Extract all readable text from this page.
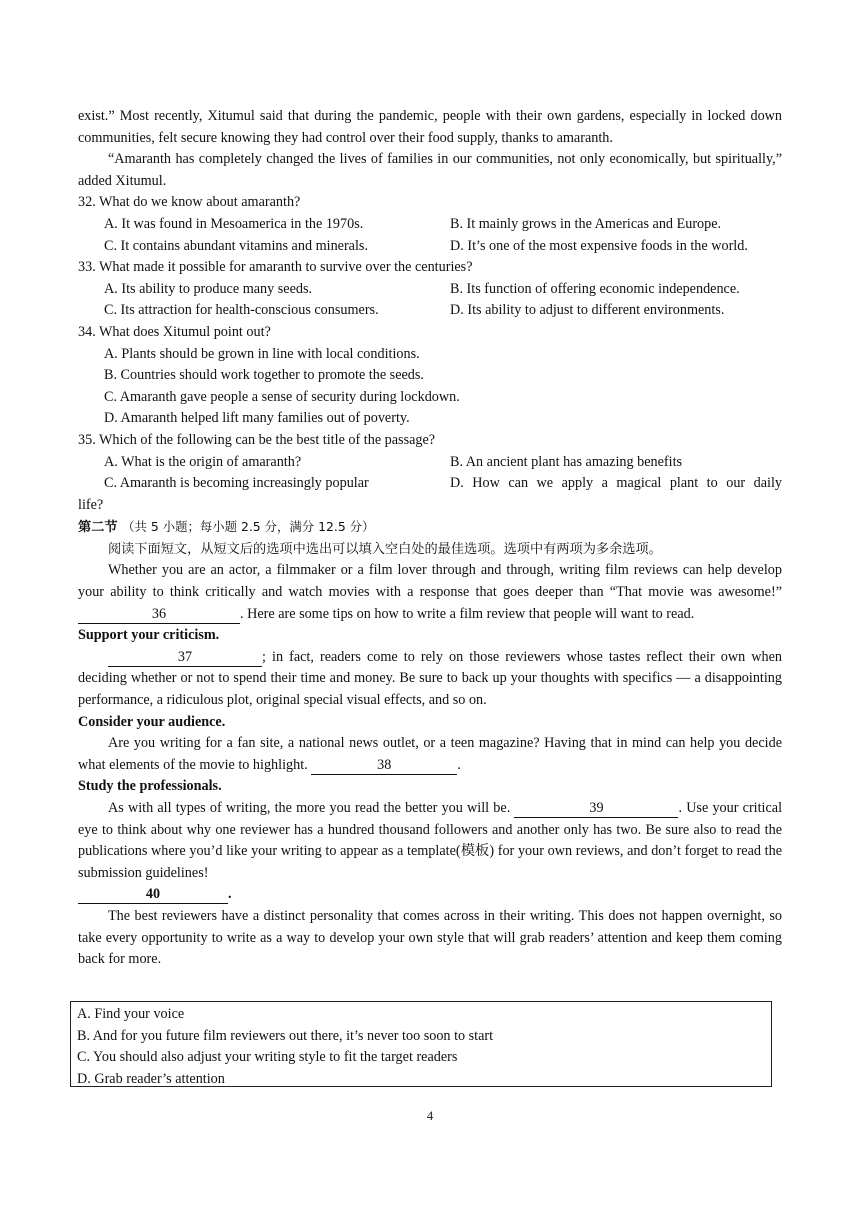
exist.” Most recently, Xitumul said that during the pandemic, people with their own gardens, especially in locked down communities, felt secure knowing they had control over their food supply, thanks to amaranth.

“Amaranth has completely changed the lives of families in our communities, not only economically, but spiritually,” added Xitumul.

32. What do we know about amaranth?

A. It was found in Mesoamerica in the 1970s.	B. It mainly grows in the Americas and Europe.
C. It contains abundant vitamins and minerals.	D. It’s one of the most expensive foods in the world.

33. What made it possible for amaranth to survive over the centuries?

A. Its ability to produce many seeds.	B. Its function of offering economic independence.
C. Its attraction for health-conscious consumers.	D. Its ability to adjust to different environments.

34. What does Xitumul point out?

A. Plants should be grown in line with local conditions.

B. Countries should work together to promote the seeds.

C. Amaranth gave people a sense of security during lockdown.

D. Amaranth helped lift many families out of poverty.

35. Which of the following can be the best title of the passage?

A. What is the origin of amaranth?	B. An ancient plant has amazing benefits
C. Amaranth is becoming increasingly popular	D. How can we apply a magical plant to our daily

life?

第二节 （共 5 小题；每小题 2.5 分，满分 12.5 分）

阅读下面短文，从短文后的选项中选出可以填入空白处的最佳选项。选项中有两项为多余选项。

Whether you are an actor, a filmmaker or a film lover through and through, writing film reviews can help develop your ability to think critically and watch movies with a response that goes deeper than “That movie was awesome!” 36	. Here are some tips on how to write a film review that people will want to read.

Support your criticism.

37	; in fact, readers come to rely on those reviewers whose tastes reflect their own when deciding whether or not to spend their time and money. Be sure to back up your thoughts with specifics — a disappointing performance, a ridiculous plot, original special visual effects, and so on.

Consider your audience.

Are you writing for a fan site, a national news outlet, or a teen magazine? Having that in mind can help you decide what elements of the movie to highlight.	38	.

Study the professionals.

As with all types of writing, the more you read the better you will be.	39	. Use your critical eye to think about why one reviewer has a hundred thousand followers and another only has two. Be sure also to read the publications where you’d like your writing to appear as a template(模板) for your own reviews, and don’t forget to read the submission guidelines!

40	.

The best reviewers have a distinct personality that comes across in their writing. This does not happen overnight, so take every opportunity to write as a way to develop your own style that will grab readers’ attention and keep them coming back for more.

A. Find your voice
B. And for you future film reviewers out there, it’s never too soon to start
C. You should also adjust your writing style to fit the target readers
D. Grab reader’s attention
4
